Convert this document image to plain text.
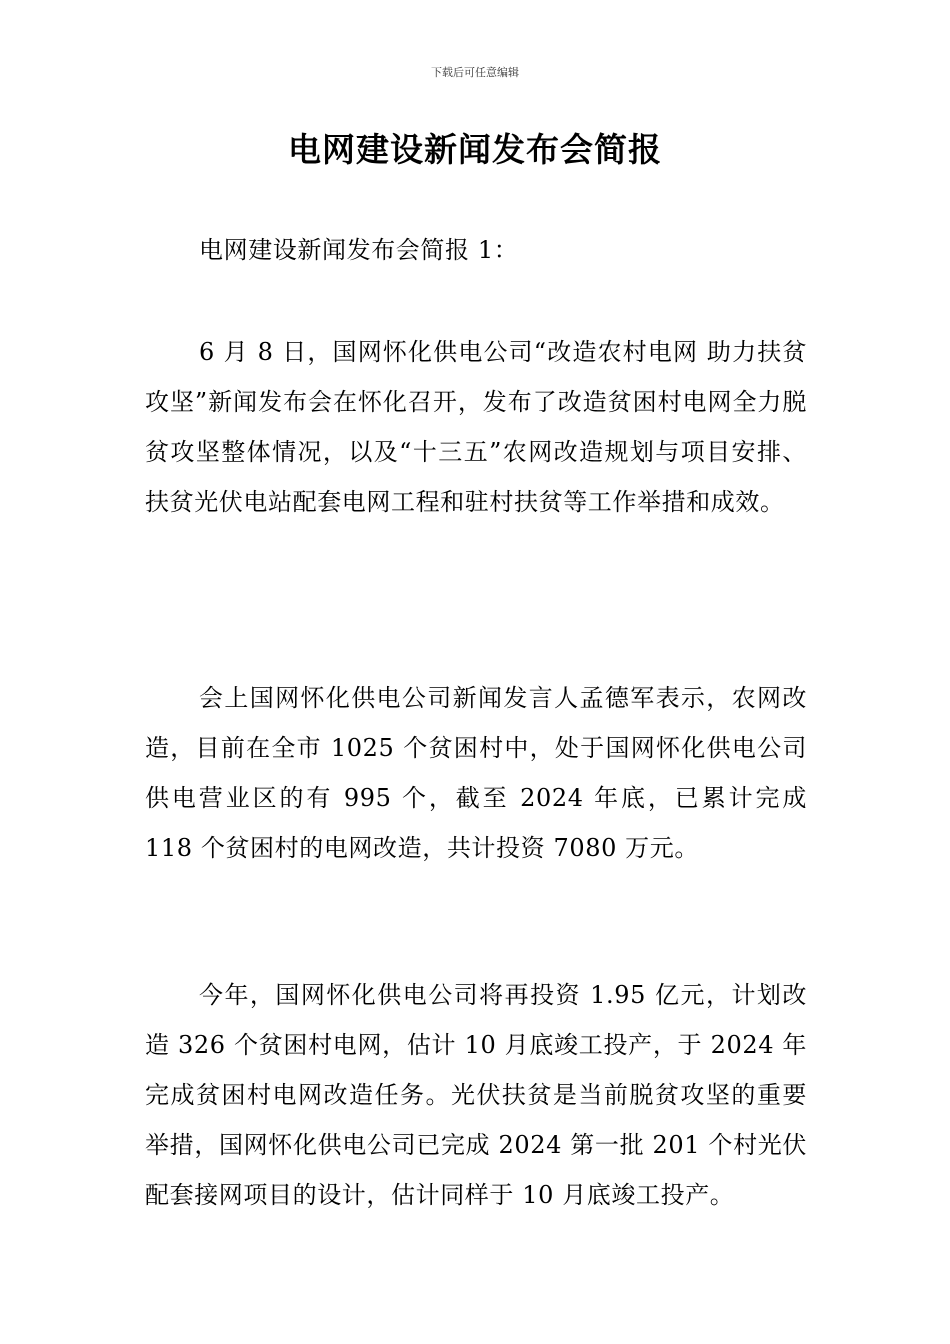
下载后可任意编辑
电网建设新闻发布会简报

电网建设新闻发布会简报 1：

6 月 8 日，国网怀化供电公司“改造农村电网 助力扶贫攻坚”新闻发布会在怀化召开，发布了改造贫困村电网全力脱贫攻坚整体情况，以及“十三五”农网改造规划与项目安排、扶贫光伏电站配套电网工程和驻村扶贫等工作举措和成效。

会上国网怀化供电公司新闻发言人孟德军表示，农网改造，目前在全市 1025 个贫困村中，处于国网怀化供电公司供电营业区的有 995 个，截至 2024 年底，已累计完成 118 个贫困村的电网改造，共计投资 7080 万元。

今年，国网怀化供电公司将再投资 1.95 亿元，计划改造 326 个贫困村电网，估计 10 月底竣工投产，于 2024 年完成贫困村电网改造任务。光伏扶贫是当前脱贫攻坚的重要举措，国网怀化供电公司已完成 2024 第一批 201 个村光伏配套接网项目的设计，估计同样于 10 月底竣工投产。
